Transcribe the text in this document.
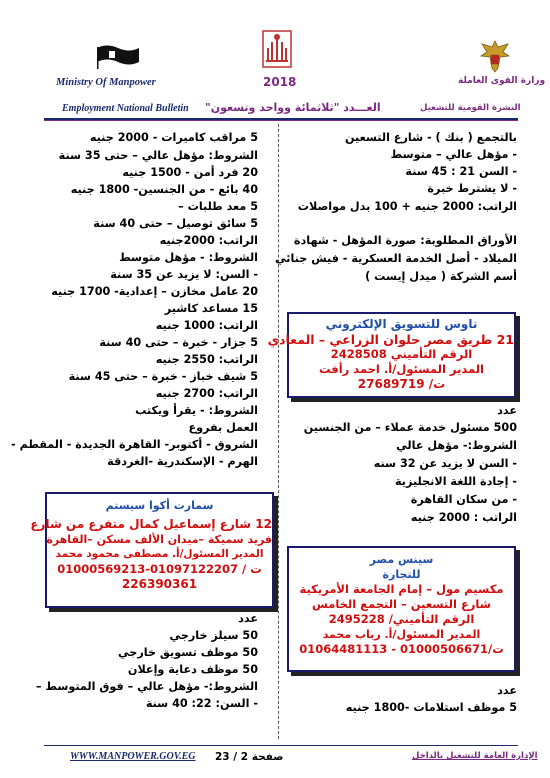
Ministry Of Manpower	2018	وزارة القوى العاملة
Employment National Bulletin العـــدد "ثلاثمائة وواحد وتسعون"	النشرة القومية للتشغيل
بالتجمع ( بنك ) - شارع التسعين
- مؤهل عالي – متوسط
- السن 21 : 45 سنة
- لا يشترط خبرة
الراتب: 2000 جنيه + 100 بدل مواصلات
الأوراق المطلوبة: صورة المؤهل - شهادة
الميلاد - أصل الخدمة العسكرية - فيش جنائي
أسم الشركة ( ميدل إيست )
عدد
500 مسئول خدمة عملاء – من الجنسين
الشروط:- مؤهل عالي
- السن لا يزيد عن 32 سنه
- إجادة اللغة الانجليزية
- من سكان القاهرة
الراتب : 2000 جنيه
عدد
5 موظف استلامات -1800 جنيه
5 مراقب كاميرات - 2000 جنيه
الشروط: مؤهل عالي – حتى 35 سنة
20 فرد أمن - 1500 جنيه
40 بائع - من الجنسين- 1800 جنيه
5 معد طلبات –
5 سائق توصيل – حتى 40 سنة
الراتب: 2000جنيه
الشروط: - مؤهل متوسط
- السن: لا يزيد عن 35 سنة
20 عامل مخازن – إعدادية- 1700 جنيه
15 مساعد كاشير
الراتب: 1000 جنيه
5 جزار - خبرة – حتى 40 سنة
الراتب: 2550 جنيه
5 شيف خباز - خبرة – حتى 45 سنة
الراتب: 2700 جنيه
الشروط: - يقرأ ويكتب
العمل بفروع
الشروق - أكتوبر- القاهرة الجديدة - المقطم -
الهرم - الإسكندرية -الغردقة
عدد
50 سيلز خارجي
50 موظف تسويق خارجي
50 موظف دعاية وإعلان
الشروط:- مؤهل عالي – فوق المتوسط –
- السن: 22: 40 سنة
ناوس للتسويق الإلكتروني
21 طريق مصر حلوان الزراعي – المعادي
الرقم التأميني 2428508
المدير المسئول/أ. احمد رأفت
ت/ 27689719
سمارت أكوا سيستم
12 شارع إسماعيل كمال متفرع من شارع
فريد سميكة –ميدان الألف مسكن –القاهرة
المدير المسئول/أ. مصطفى محمود محمد
ت / 01097122207-01000569213
226390361
سينس مصر
للتجارة
مكسيم مول – إمام الجامعة الأمريكية
شارع التسعين – التجمع الخامس
الرقم التأميني/ 2495228
المدير المسئول/أ. رباب محمد
ت/01000506671 - 01064481113
WWW.MANPOWER.GOV.EG صفحة 2 / 23	الإدارة العامة للتشغيل بالداخل
